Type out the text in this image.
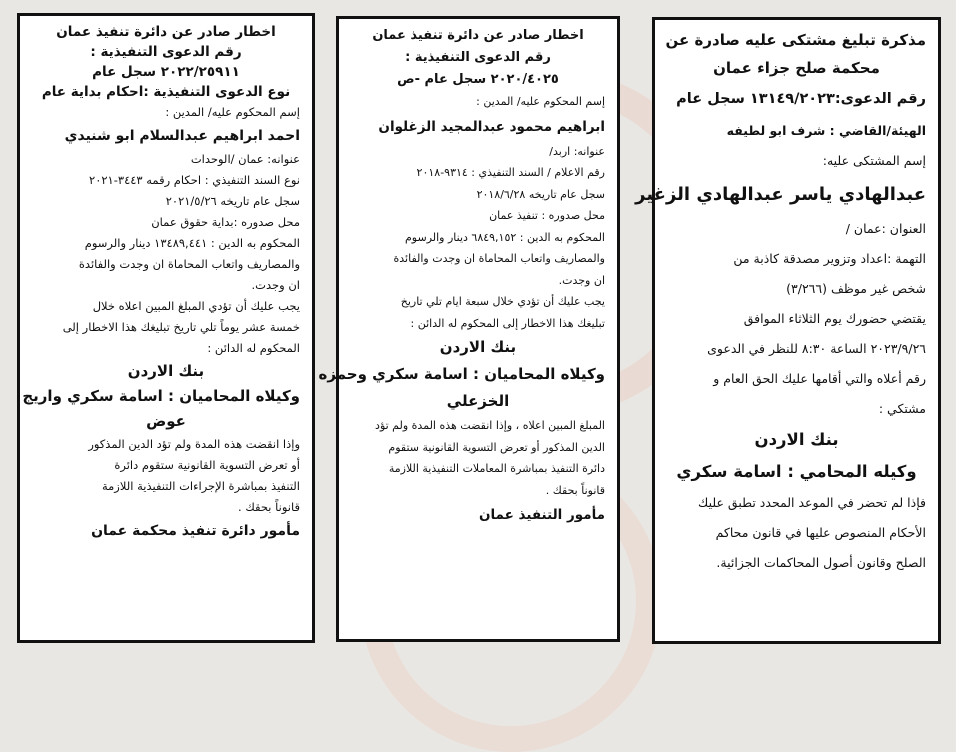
اخطار صادر عن دائرة تنفيذ عمان
رقم الدعوى التنفيذية :
٢٠٢٢/٢٥٩١١ سجل عام
نوع الدعوى التنفيذية :احكام بداية عام
إسم المحكوم عليه/ المدين :
احمد ابراهيم عبدالسلام ابو شنيدي
عنوانه: عمان /الوحدات
نوع السند التنفيذي : احكام رقمه ٣٤٤٣-٢٠٢١
سجل عام تاريخه ٢٠٢١/٥/٢٦
محل صدوره :بداية حقوق عمان
المحكوم به الدين : ١٣٤٨٩,٤٤١ دينار والرسوم
والمصاريف واتعاب المحاماة ان وجدت والفائدة
ان وجدت.
يجب عليك أن تؤدي المبلغ المبين اعلاه خلال
خمسة عشر يوماً تلي تاريخ تبليغك هذا الاخطار إلى
المحكوم له الدائن :
بنك الاردن
وكيلاه المحاميان : اسامة سكري واريج
عوض
وإذا انقضت هذه المدة ولم تؤد الدين المذكور
أو تعرض التسوية القانونية ستقوم دائرة
التنفيذ بمباشرة الإجراءات التنفيذية اللازمة
قانوناً بحقك .
مأمور دائرة تنفيذ محكمة عمان
اخطار صادر عن دائرة تنفيذ عمان
رقم الدعوى التنفيذية :
٢٠٢٠/٤٠٢٥ سجل عام -ص
إسم المحكوم عليه/ المدين :
ابراهيم محمود عبدالمجيد الزغلوان
عنوانه: اربد/
رقم الاعلام / السند التنفيذي : ٩٣١٤-٢٠١٨
سجل عام تاريخه ٢٠١٨/٦/٢٨
محل صدوره : تنفيذ عمان
المحكوم به الدين : ٦٨٤٩,١٥٢ دينار والرسوم
والمصاريف واتعاب المحاماة ان وجدت والفائدة
ان وجدت.
يجب عليك أن تؤدي خلال سبعة ايام تلي تاريخ
تبليغك هذا الاخطار إلى المحكوم له الدائن :
بنك الاردن
وكيلاه المحاميان : اسامة سكري وحمزه
الخزعلي
المبلغ المبين اعلاه ، وإذا انقضت هذه المدة ولم تؤد
الدين المذكور أو تعرض التسوية القانونية ستقوم
دائرة التنفيذ بمباشرة المعاملات التنفيذية اللازمة
قانوناً بحقك .
مأمور التنفيذ عمان
مذكرة تبليغ مشتكى عليه صادرة عن
محكمة صلح جزاء عمان
رقم الدعوى:١٣١٤٩/٢٠٢٣ سجل عام
الهيئة/القاضي : شرف ابو لطيفه
إسم المشتكى عليه:
عبدالهادي ياسر عبدالهادي الزغير
العنوان :عمان /
التهمة :اعداد وتزوير مصدقة كاذبة من
شخص غير موظف (٣/٢٦٦)
يقتضي حضورك يوم الثلاثاء الموافق
٢٠٢٣/٩/٢٦ الساعة ٨:٣٠ للنظر في الدعوى
رقم أعلاه والتي أقامها عليك الحق العام و
مشتكي :
بنك الاردن
وكيله المحامي : اسامة سكري
فإذا لم تحضر في الموعد المحدد تطبق عليك
الأحكام المنصوص عليها في قانون محاكم
الصلح وقانون أصول المحاكمات الجزائية.
